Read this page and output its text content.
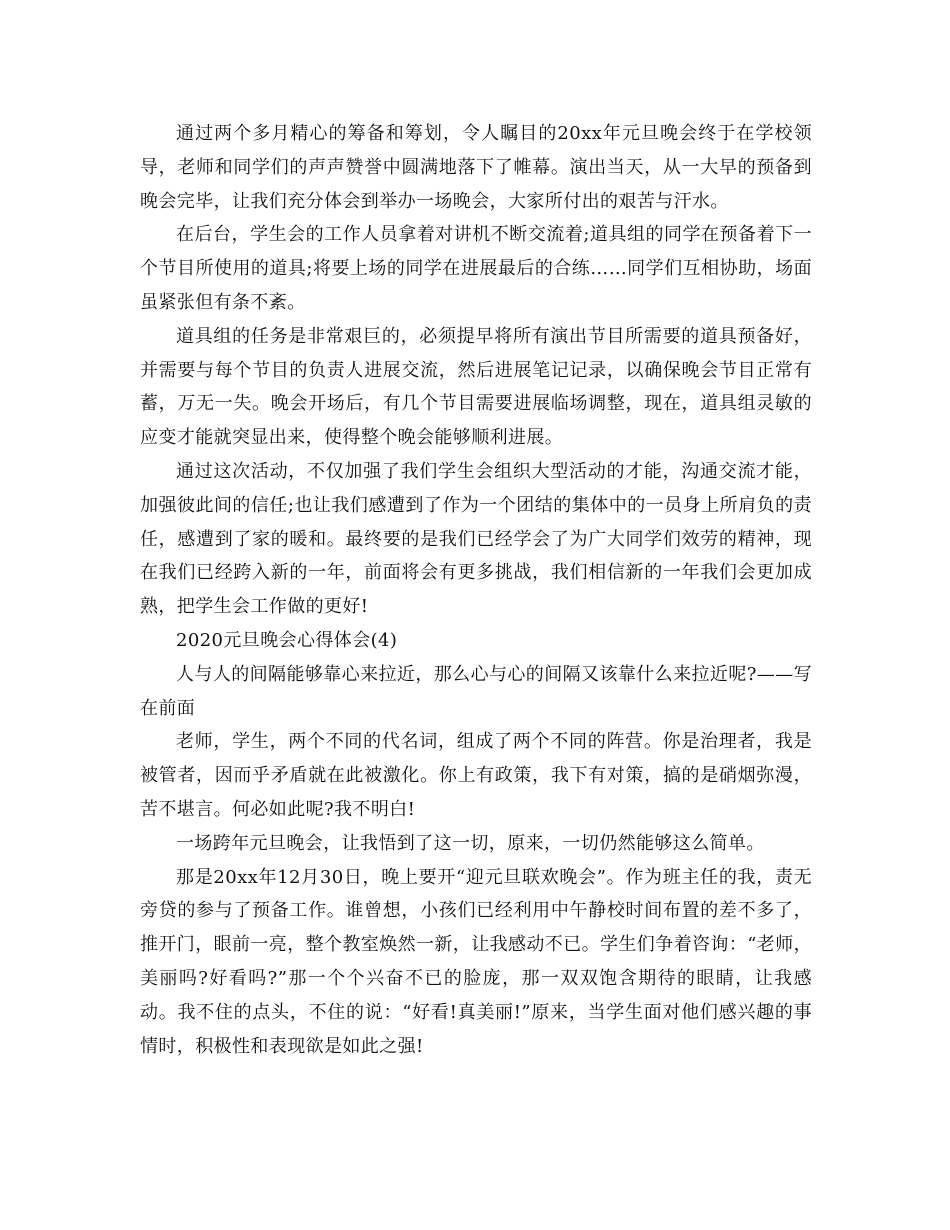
通过两个多月精心的筹备和筹划，令人瞩目的20xx年元旦晚会终于在学校领导，老师和同学们的声声赞誉中圆满地落下了帷幕。演出当天，从一大早的预备到晚会完毕，让我们充分体会到举办一场晚会，大家所付出的艰苦与汗水。

在后台，学生会的工作人员拿着对讲机不断交流着;道具组的同学在预备着下一个节目所使用的道具;将要上场的同学在进展最后的合练……同学们互相协助，场面虽紧张但有条不紊。

道具组的任务是非常艰巨的，必须提早将所有演出节目所需要的道具预备好，并需要与每个节目的负责人进展交流，然后进展笔记记录，以确保晚会节目正常有蓄，万无一失。晚会开场后，有几个节目需要进展临场调整，现在，道具组灵敏的应变才能就突显出来，使得整个晚会能够顺利进展。

通过这次活动，不仅加强了我们学生会组织大型活动的才能，沟通交流才能，加强彼此间的信任;也让我们感遭到了作为一个团结的集体中的一员身上所肩负的责任，感遭到了家的暖和。最终要的是我们已经学会了为广大同学们效劳的精神，现在我们已经跨入新的一年，前面将会有更多挑战，我们相信新的一年我们会更加成熟，把学生会工作做的更好!

2020元旦晚会心得体会(4)

人与人的间隔能够靠心来拉近，那么心与心的间隔又该靠什么来拉近呢?——写在前面

老师，学生，两个不同的代名词，组成了两个不同的阵营。你是治理者，我是被管者，因而乎矛盾就在此被激化。你上有政策，我下有对策，搞的是硝烟弥漫，苦不堪言。何必如此呢?我不明白!

一场跨年元旦晚会，让我悟到了这一切，原来，一切仍然能够这么简单。

那是20xx年12月30日，晚上要开“迎元旦联欢晚会”。作为班主任的我，责无旁贷的参与了预备工作。谁曾想，小孩们已经利用中午静校时间布置的差不多了，推开门，眼前一亮，整个教室焕然一新，让我感动不已。学生们争着咨询：“老师，美丽吗?好看吗?”那一个个兴奋不已的脸庞，那一双双饱含期待的眼睛，让我感动。我不住的点头，不住的说：“好看!真美丽!”原来，当学生面对他们感兴趣的事情时，积极性和表现欲是如此之强!
